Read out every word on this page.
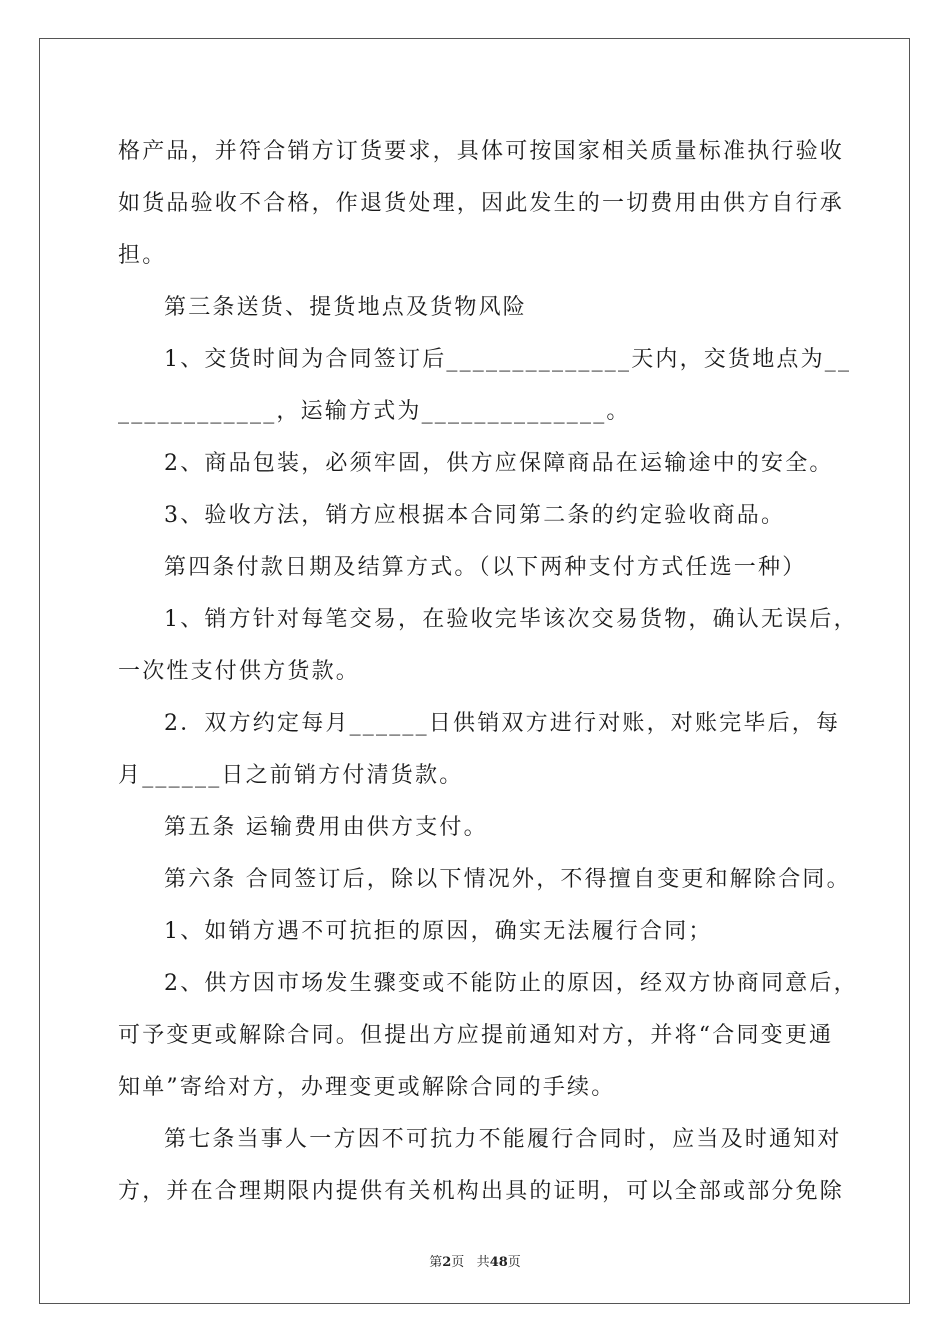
格产品，并符合销方订货要求，具体可按国家相关质量标准执行验收
如货品验收不合格，作退货处理，因此发生的一切费用由供方自行承
担。
第三条送货、提货地点及货物风险
1、交货时间为合同签订后______________天内，交货地点为__
____________，运输方式为______________。
2、商品包装，必须牢固，供方应保障商品在运输途中的安全。
3、验收方法，销方应根据本合同第二条的约定验收商品。
第四条付款日期及结算方式。（以下两种支付方式任选一种）
1、销方针对每笔交易，在验收完毕该次交易货物，确认无误后，
一次性支付供方货款。
2．双方约定每月______日供销双方进行对账，对账完毕后，每
月______日之前销方付清货款。
第五条 运输费用由供方支付。
第六条 合同签订后，除以下情况外，不得擅自变更和解除合同。
1、如销方遇不可抗拒的原因，确实无法履行合同；
2、供方因市场发生骤变或不能防止的原因，经双方协商同意后，
可予变更或解除合同。但提出方应提前通知对方，并将“合同变更通
知单”寄给对方，办理变更或解除合同的手续。
第七条当事人一方因不可抗力不能履行合同时，应当及时通知对
方，并在合理期限内提供有关机构出具的证明，可以全部或部分免除
第2页 共48页
